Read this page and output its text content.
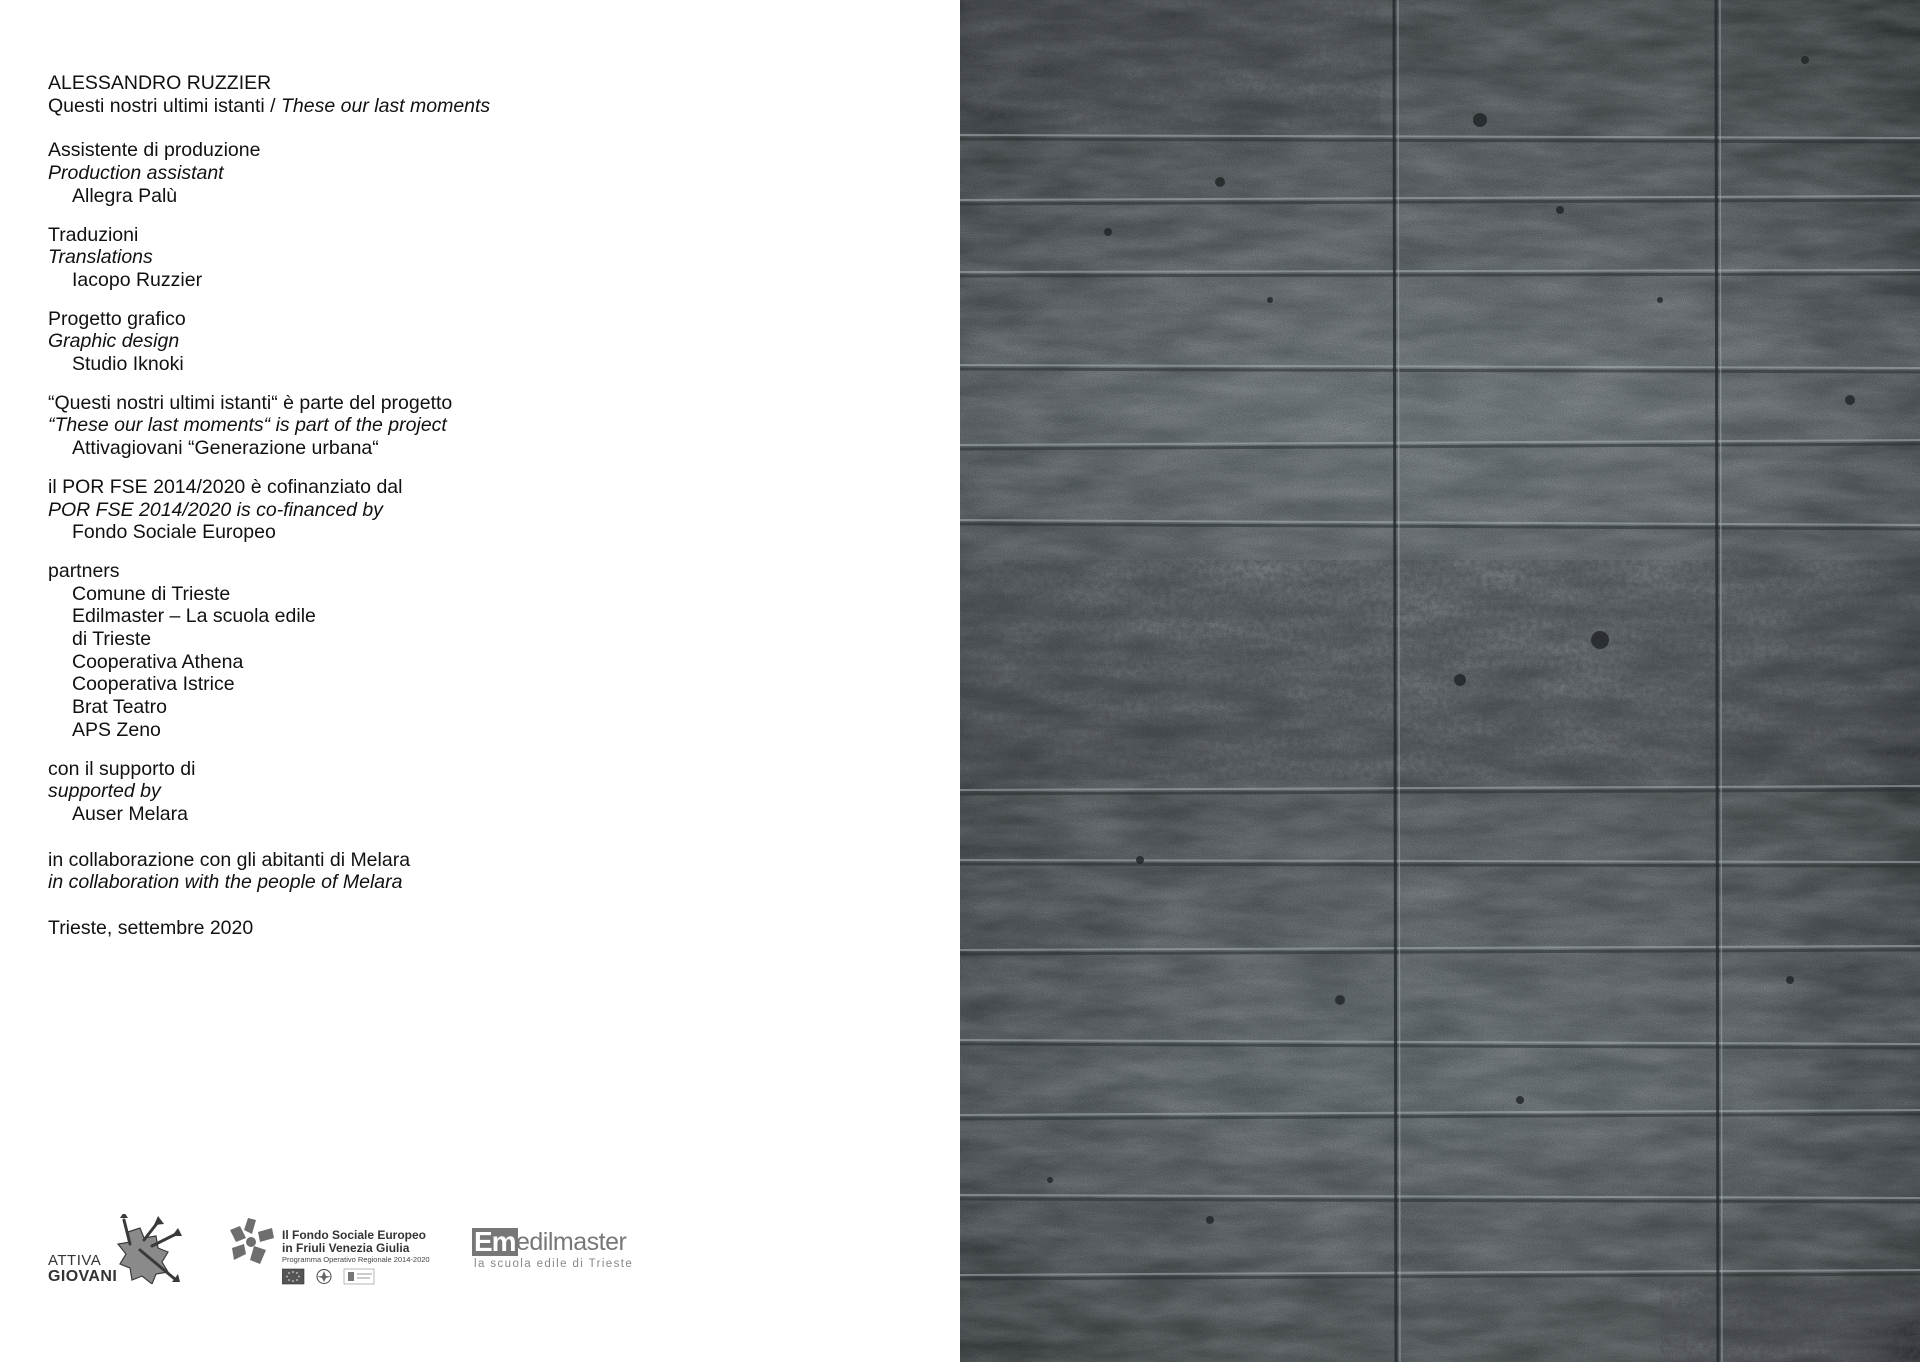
ALESSANDRO RUZZIER
Questi nostri ultimi istanti / These our last moments
Assistente di produzione
Production assistant
Allegra Palù
Traduzioni
Translations
Iacopo Ruzzier
Progetto grafico
Graphic design
Studio Iknoki
“Questi nostri ultimi istanti“ è parte del progetto
“These our last moments“ is part of the project
Attivagiovani “Generazione urbana“
il POR FSE 2014/2020 è cofinanziato dal
POR FSE 2014/2020 is co-financed by
Fondo Sociale Europeo
partners
Comune di Trieste
Edilmaster – La scuola edile
di Trieste
Cooperativa Athena
Cooperativa Istrice
Brat Teatro
APS Zeno
con il supporto di
supported by
Auser Melara
in collaborazione con gli abitanti di Melara
in collaboration with the people of Melara
Trieste, settembre 2020
ATTIVA
GIOVANI
Il Fondo Sociale Europeo
in Friuli Venezia Giulia
Programma Operativo Regionale 2014-2020
Em edilmaster
la scuola edile di Trieste
